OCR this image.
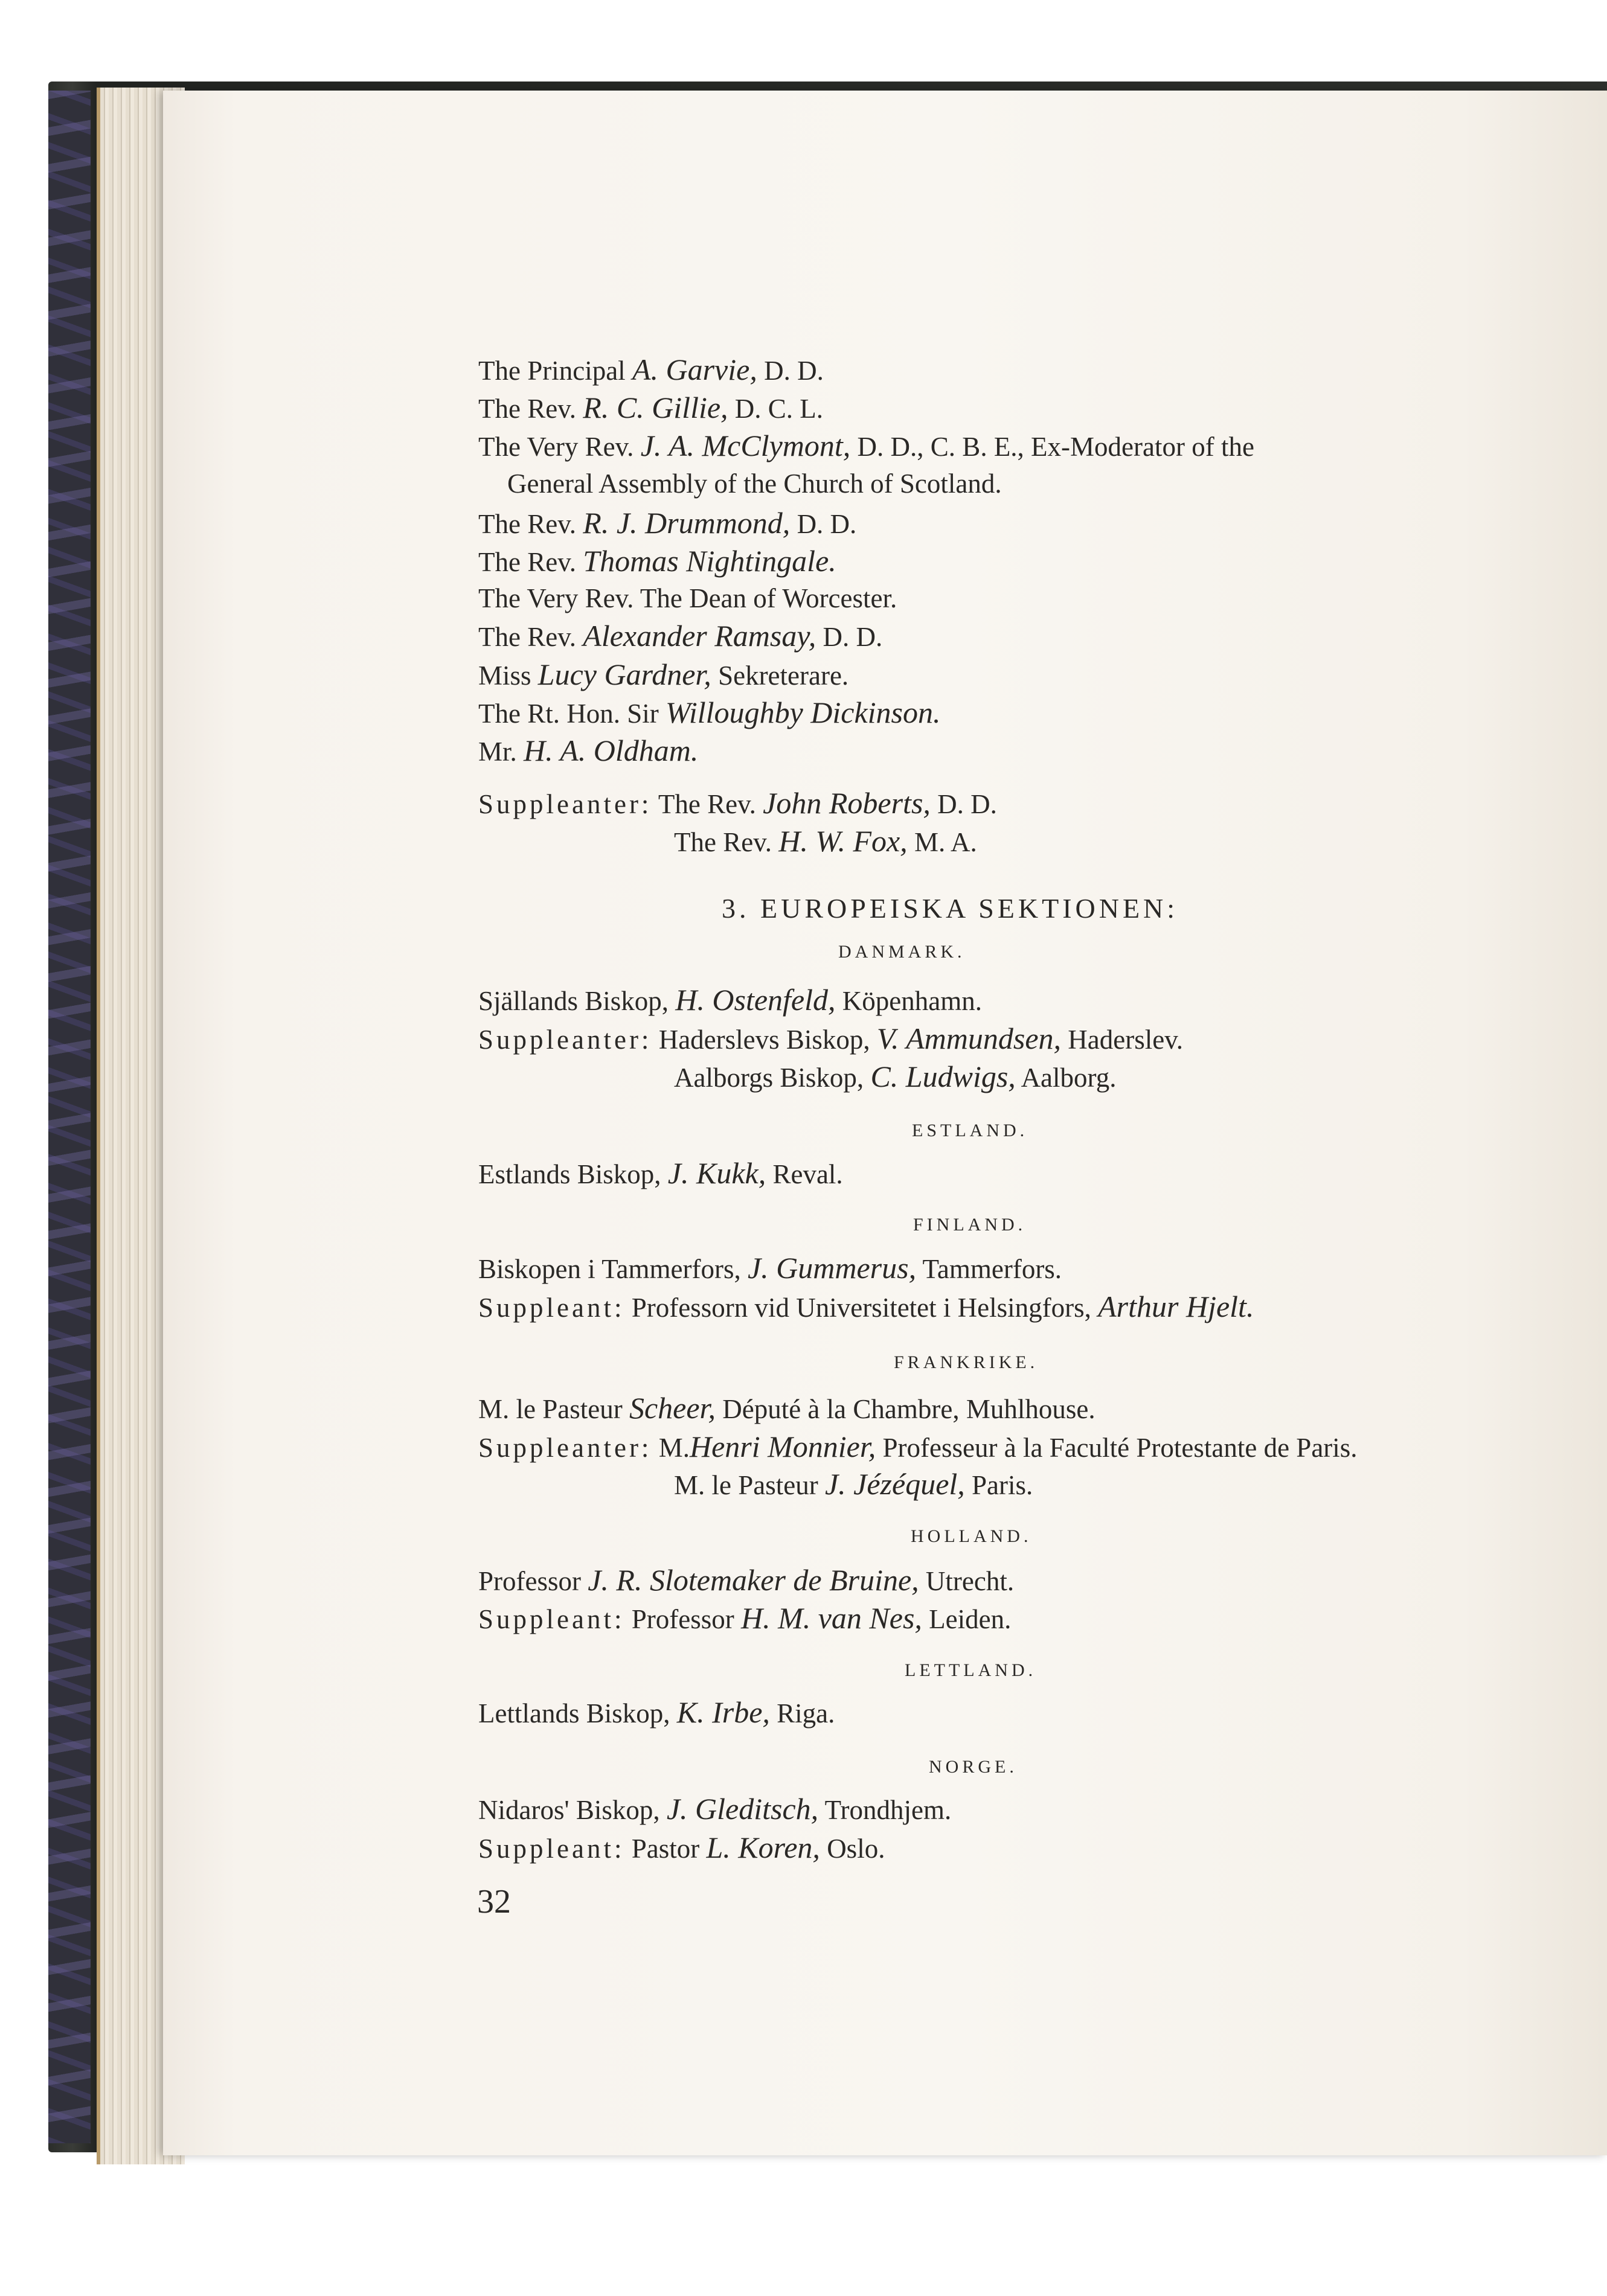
The Principal A. Garvie, D. D.
The Rev. R. C. Gillie, D. C. L.
The Very Rev. J. A. McClymont, D. D., C. B. E., Ex-Moderator of the
General Assembly of the Church of Scotland.
The Rev. R. J. Drummond, D. D.
The Rev. Thomas Nightingale.
The Very Rev. The Dean of Worcester.
The Rev. Alexander Ramsay, D. D.
Miss Lucy Gardner, Sekreterare.
The Rt. Hon. Sir Willoughby Dickinson.
Mr. H. A. Oldham.
Suppleanter: The Rev. John Roberts, D. D.
The Rev. H. W. Fox, M. A.
3. EUROPEISKA SEKTIONEN:
DANMARK.
Själlands Biskop, H. Ostenfeld, Köpenhamn.
Suppleanter: Haderslevs Biskop, V. Ammundsen, Haderslev.
Aalborgs Biskop, C. Ludwigs, Aalborg.
ESTLAND.
Estlands Biskop, J. Kukk, Reval.
FINLAND.
Biskopen i Tammerfors, J. Gummerus, Tammerfors.
Suppleant: Professorn vid Universitetet i Helsingfors, Arthur Hjelt.
FRANKRIKE.
M. le Pasteur Scheer, Député à la Chambre, Muhlhouse.
Suppleanter: M.Henri Monnier, Professeur à la Faculté Protestante de Paris.
M. le Pasteur J. Jézéquel, Paris.
HOLLAND.
Professor J. R. Slotemaker de Bruine, Utrecht.
Suppleant: Professor H. M. van Nes, Leiden.
LETTLAND.
Lettlands Biskop, K. Irbe, Riga.
NORGE.
Nidaros' Biskop, J. Gleditsch, Trondhjem.
Suppleant: Pastor L. Koren, Oslo.
32
